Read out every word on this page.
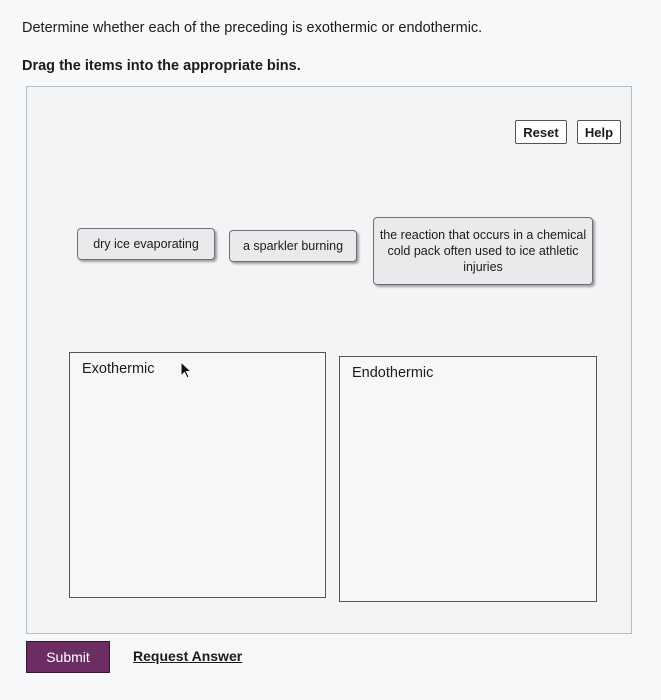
Determine whether each of the preceding is exothermic or endothermic.
Drag the items into the appropriate bins.
Reset	Help
dry ice evaporating	a sparkler burning
the reaction that occurs in a chemical cold pack often used to ice athletic injuries
Exothermic	Endothermic
Submit	Request Answer
